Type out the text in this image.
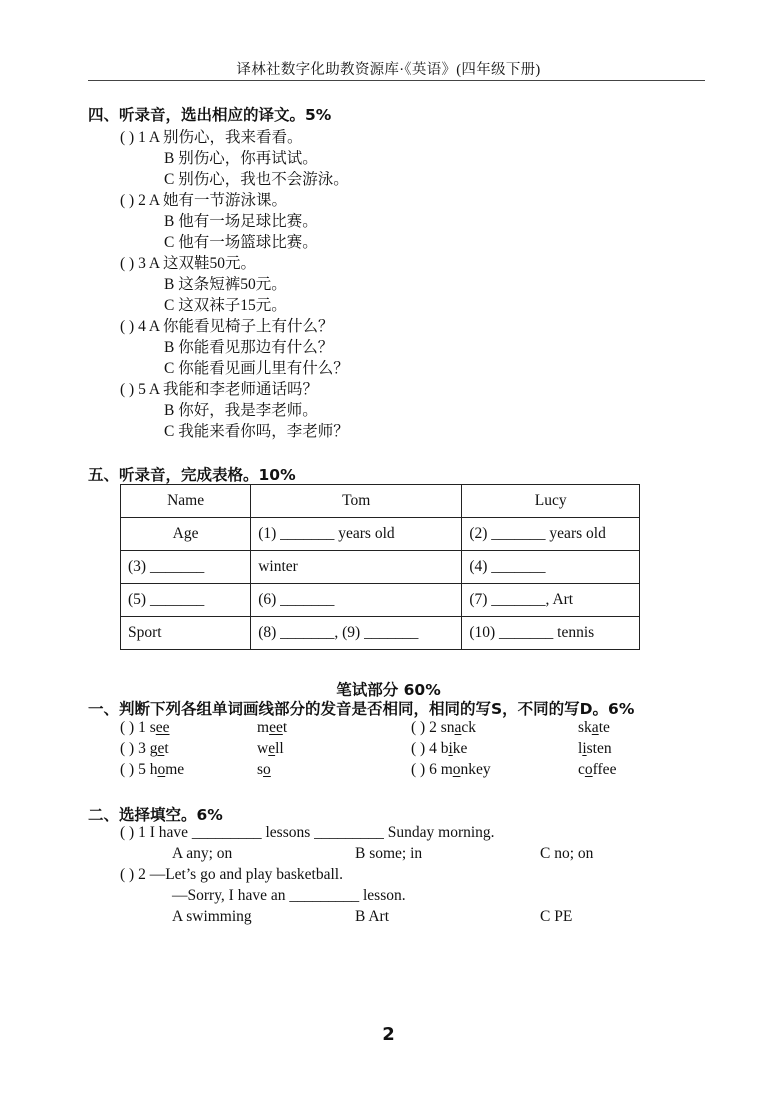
译林社数字化助教资源库·《英语》(四年级下册)
四、听录音，选出相应的译文。5%
( ) 1 A 别伤心，我来看看。
B 别伤心，你再试试。
C 别伤心，我也不会游泳。
( ) 2 A 她有一节游泳课。
B 他有一场足球比赛。
C 他有一场篮球比赛。
( ) 3 A 这双鞋50元。
B 这条短裤50元。
C 这双袜子15元。
( ) 4 A 你能看见椅子上有什么？
B 你能看见那边有什么？
C 你能看见画儿里有什么？
( ) 5 A 我能和李老师通话吗？
B 你好，我是李老师。
C 我能来看你吗，李老师？
五、听录音，完成表格。10%
Name	Tom	Lucy
Age	(1) _______ years old	(2) _______ years old
(3) _______	winter	(4) _______
(5) _______	(6) _______	(7) _______, Art
Sport	(8) _______, (9) _______	(10) _______ tennis
笔试部分 60%
一、判断下列各组单词画线部分的发音是否相同，相同的写S，不同的写D。6%
( ) 1 see	meet
( ) 3 get	well
( ) 5 home	so
( ) 2 snack	skate
( ) 4 bike	listen
( ) 6 monkey	coffee
二、选择填空。6%
( ) 1 I have _________ lessons _________ Sunday morning.
A any; on	B some; in	C no; on
( ) 2 —Let’s go and play basketball.
—Sorry, I have an _________ lesson.
A swimming	B Art	C PE
2
